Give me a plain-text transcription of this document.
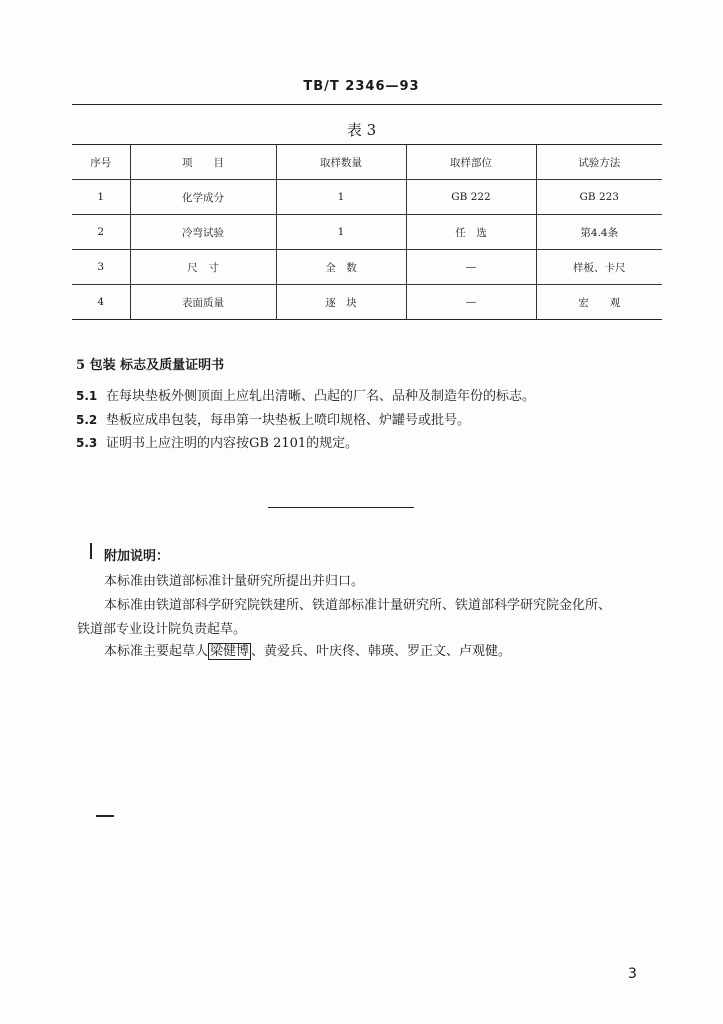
TB/T 2346—93
表 3
序号	项　　目	取样数量	取样部位	试验方法
1	化学成分	1	GB 222	GB 223
2	冷弯试验	1	任　选	第4.4条
3	尺　寸	全　数	—	样板、卡尺
4	表面质量	逐　块	—	宏　　观
5 包装 标志及质量证明书
5.1 在每块垫板外侧顶面上应轧出清晰、凸起的厂名、品种及制造年份的标志。
5.2 垫板应成串包装，每串第一块垫板上喷印规格、炉罐号或批号。
5.3 证明书上应注明的内容按GB 2101的规定。
附加说明：
本标准由铁道部标准计量研究所提出并归口。
本标准由铁道部科学研究院铁建所、铁道部标准计量研究所、铁道部科学研究院金化所、
铁道部专业设计院负责起草。
本标准主要起草人 梁健博 、黄爱兵、叶庆佟、韩瑛、罗正文、卢观健。
3
